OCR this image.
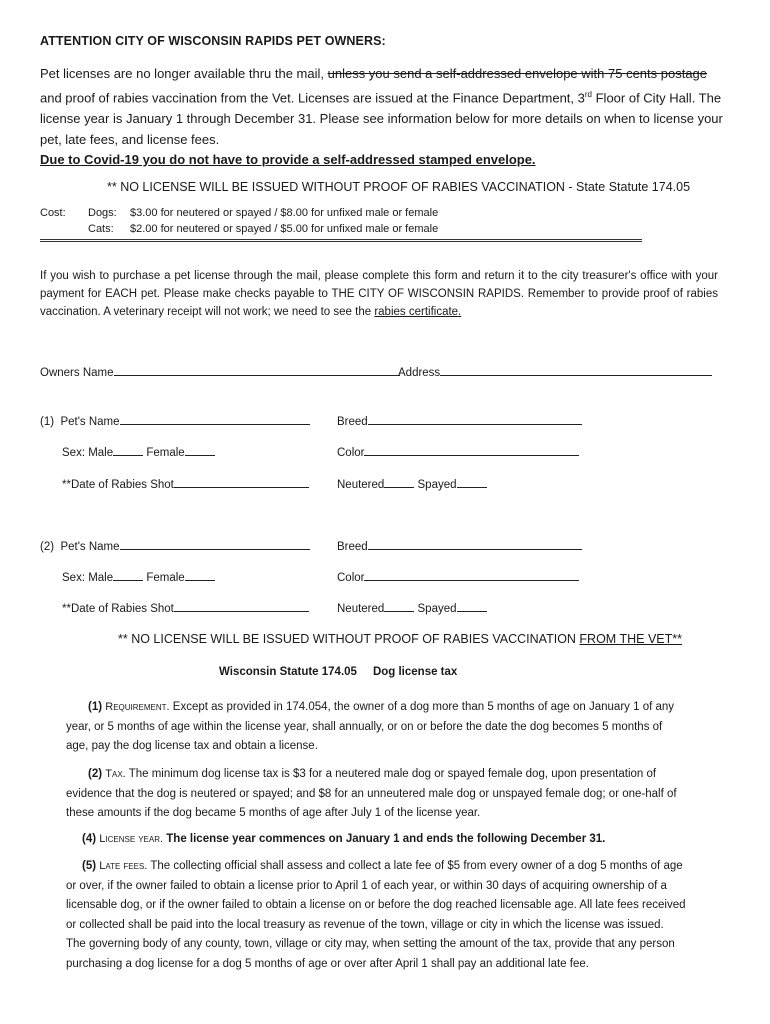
ATTENTION CITY OF WISCONSIN RAPIDS PET OWNERS:
Pet licenses are no longer available thru the mail, unless you send a self-addressed envelope with 75 cents postage and proof of rabies vaccination from the Vet. Licenses are issued at the Finance Department, 3rd Floor of City Hall. The license year is January 1 through December 31. Please see information below for more details on when to license your pet, late fees, and license fees.
Due to Covid-19 you do not have to provide a self-addressed stamped envelope.
** NO LICENSE WILL BE ISSUED WITHOUT PROOF OF RABIES VACCINATION - State Statute 174.05
Cost: Dogs: $3.00 for neutered or spayed / $8.00 for unfixed male or female
Cats: $2.00 for neutered or spayed / $5.00 for unfixed male or female
If you wish to purchase a pet license through the mail, please complete this form and return it to the city treasurer's office with your payment for EACH pet. Please make checks payable to THE CITY OF WISCONSIN RAPIDS. Remember to provide proof of rabies vaccination. A veterinary receipt will not work; we need to see the rabies certificate.
Owners Name	Address
(1) Pet's Name	Breed
Sex: Male	Female	Color
**Date of Rabies Shot	Neutered	Spayed
(2) Pet's Name	Breed
Sex: Male	Female	Color
**Date of Rabies Shot	Neutered	Spayed
** NO LICENSE WILL BE ISSUED WITHOUT PROOF OF RABIES VACCINATION FROM THE VET**
Wisconsin Statute 174.05 Dog license tax
(1) Requirement. Except as provided in 174.054, the owner of a dog more than 5 months of age on January 1 of any year, or 5 months of age within the license year, shall annually, or on or before the date the dog becomes 5 months of age, pay the dog license tax and obtain a license.
(2) Tax. The minimum dog license tax is $3 for a neutered male dog or spayed female dog, upon presentation of evidence that the dog is neutered or spayed; and $8 for an unneutered male dog or unspayed female dog; or one-half of these amounts if the dog became 5 months of age after July 1 of the license year.
(4) License year. The license year commences on January 1 and ends the following December 31.
(5) Late fees. The collecting official shall assess and collect a late fee of $5 from every owner of a dog 5 months of age or over, if the owner failed to obtain a license prior to April 1 of each year, or within 30 days of acquiring ownership of a licensable dog, or if the owner failed to obtain a license on or before the dog reached licensable age. All late fees received or collected shall be paid into the local treasury as revenue of the town, village or city in which the license was issued. The governing body of any county, town, village or city may, when setting the amount of the tax, provide that any person purchasing a dog license for a dog 5 months of age or over after April 1 shall pay an additional late fee.
